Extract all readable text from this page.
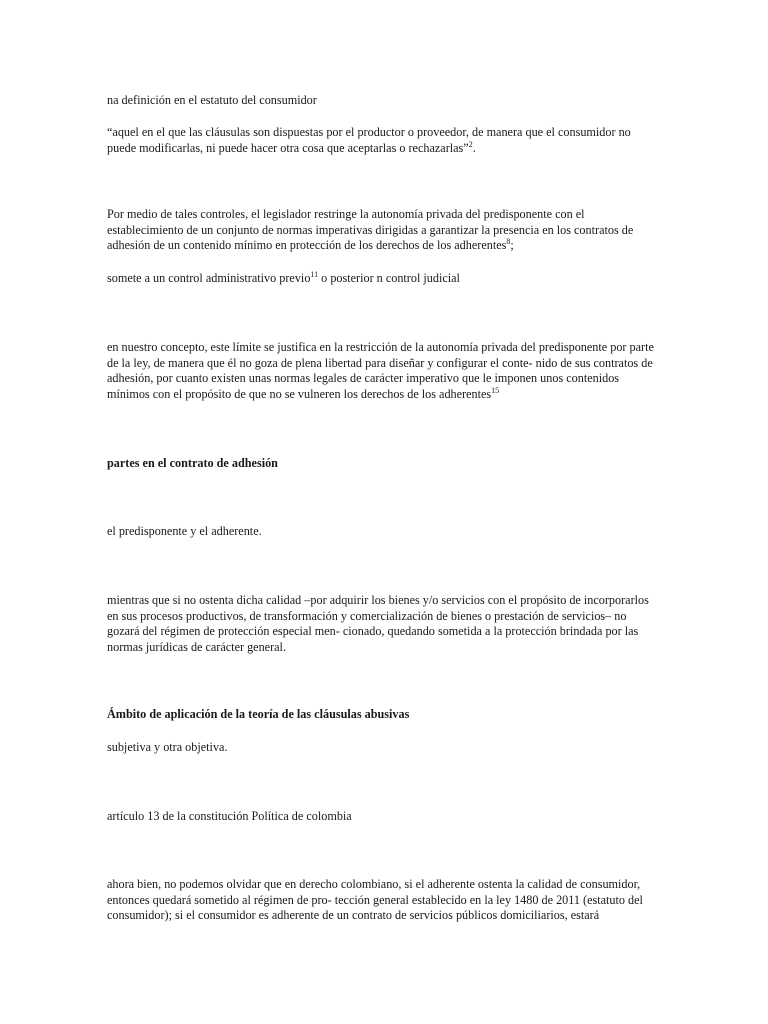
na definición en el estatuto del consumidor

“aquel en el que las cláusulas son dispuestas por el productor o proveedor, de manera que el consumidor no puede modificarlas, ni puede hacer otra cosa que aceptarlas o rechazarlas”$^2$.

Por medio de tales controles, el legislador restringe la autonomía privada del predisponente con el establecimiento de un conjunto de normas imperativas dirigidas a garantizar la presencia en los contratos de adhesión de un contenido mínimo en protección de los derechos de los adherentes$^8$;

somete a un control administrativo previo$^{11}$ o posterior n control judicial

en nuestro concepto, este límite se justifica en la restricción de la autonomía privada del predisponente por parte de la ley, de manera que él no goza de plena libertad para diseñar y configurar el conte- nido de sus contratos de adhesión, por cuanto existen unas normas legales de carácter imperativo que le imponen unos contenidos mínimos con el propósito de que no se vulneren los derechos de los adherentes$^{15}$

partes en el contrato de adhesión

el predisponente y el adherente.

mientras que si no ostenta dicha calidad –por adquirir los bienes y/o servicios con el propósito de incorporarlos en sus procesos productivos, de transformación y comercialización de bienes o prestación de servicios– no gozará del régimen de protección especial men- cionado, quedando sometida a la protección brindada por las normas jurídicas de carácter general.

Ámbito de aplicación de la teoría de las cláusulas abusivas

subjetiva y otra objetiva.

artículo 13 de la constitución Política de colombia

ahora bien, no podemos olvidar que en derecho colombiano, si el adherente ostenta la calidad de consumidor, entonces quedará sometido al régimen de pro- tección general establecido en la ley 1480 de 2011 (estatuto del consumidor); si el consumidor es adherente de un contrato de servicios públicos domiciliarios, estará
